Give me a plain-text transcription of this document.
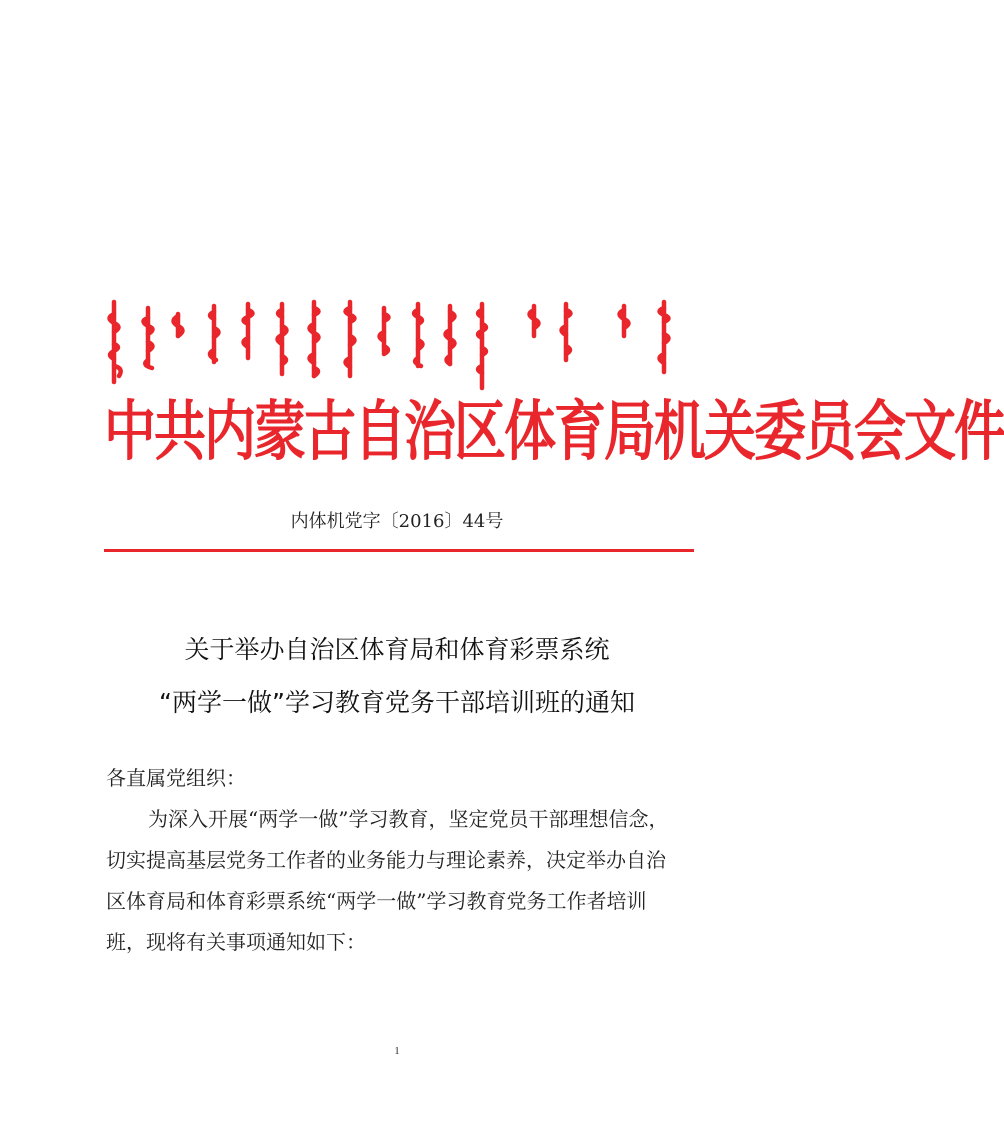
中共内蒙古自治区体育局机关委员会文件
内体机党字〔2016〕44号
关于举办自治区体育局和体育彩票系统
“两学一做”学习教育党务干部培训班的通知
各直属党组织：
为深入开展“两学一做”学习教育，坚定党员干部理想信念，
切实提高基层党务工作者的业务能力与理论素养，决定举办自治
区体育局和体育彩票系统“两学一做”学习教育党务工作者培训
班，现将有关事项通知如下：
1
